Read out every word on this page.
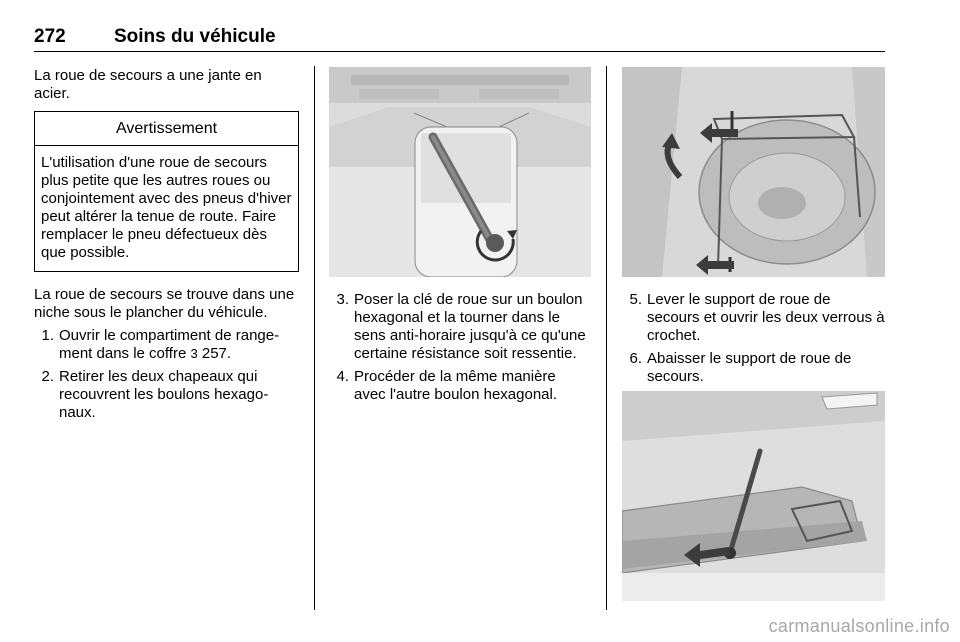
272	Soins du véhicule

La roue de secours a une jante en acier.

Avertissement
L'utilisation d'une roue de secours plus petite que les autres roues ou conjointement avec des pneus d'hiver peut altérer la tenue de route. Faire remplacer le pneu défectueux dès que possible.

La roue de secours se trouve dans une niche sous le plancher du véhicule.

1. Ouvrir le compartiment de rangement dans le coffre 3 257.
2. Retirer les deux chapeaux qui recouvrent les boulons hexagonaux.
3. Poser la clé de roue sur un boulon hexagonal et la tourner dans le sens anti-horaire jusqu'à ce qu'une certaine résistance soit ressentie.
4. Procéder de la même manière avec l'autre boulon hexagonal.
5. Lever le support de roue de secours et ouvrir les deux verrous à crochet.
6. Abaisser le support de roue de secours.
carmanualsonline.info
